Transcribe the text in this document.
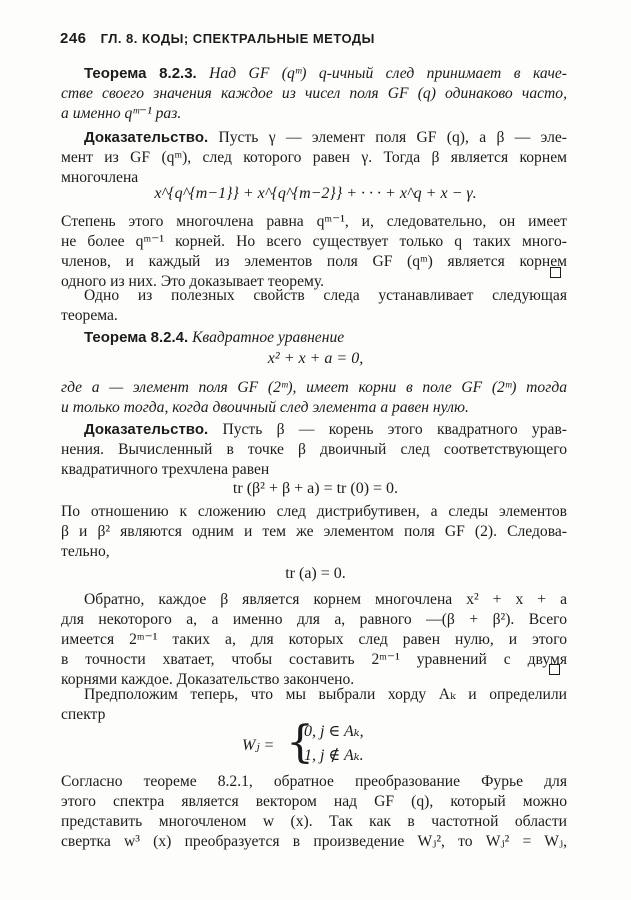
246 ГЛ. 8. КОДЫ; СПЕКТРАЛЬНЫЕ МЕТОДЫ
Теорема 8.2.3. Над GF (qᵐ) q-ичный след принимает в каче-
стве своего значения каждое из чисел поля GF (q) одинаково часто,
а именно qᵐ⁻¹ раз.
Доказательство. Пусть γ — элемент поля GF (q), а β — эле-
мент из GF (qᵐ), след которого равен γ. Тогда β является корнем
многочлена
x^{q^{m−1}} + x^{q^{m−2}} + · · · + x^q + x − γ.
Степень этого многочлена равна qᵐ⁻¹, и, следовательно, он имеет
не более qᵐ⁻¹ корней. Но всего существует только q таких много-
членов, и каждый из элементов поля GF (qᵐ) является корнем
одного из них. Это доказывает теорему.
Одно из полезных свойств следа устанавливает следующая
теорема.
Теорема 8.2.4. Квадратное уравнение
x² + x + a = 0,
где a — элемент поля GF (2ᵐ), имеет корни в поле GF (2ᵐ) тогда
и только тогда, когда двоичный след элемента a равен нулю.
Доказательство. Пусть β — корень этого квадратного урав-
нения. Вычисленный в точке β двоичный след соответствующего
квадратичного трехчлена равен
tr (β² + β + a) = tr (0) = 0.
По отношению к сложению след дистрибутивен, а следы элементов
β и β² являются одним и тем же элементом поля GF (2). Следова-
тельно,
tr (a) = 0.
Обратно, каждое β является корнем многочлена x² + x + a
для некоторого a, а именно для a, равного —(β + β²). Всего
имеется 2ᵐ⁻¹ таких a, для которых след равен нулю, и этого
в точности хватает, чтобы составить 2ᵐ⁻¹ уравнений с двумя
корнями каждое. Доказательство закончено.
Предположим теперь, что мы выбрали хорду Aₖ и определили
спектр
Wⱼ = {
0, j ∈ Aₖ,
1, j ∉ Aₖ.
Согласно теореме 8.2.1, обратное преобразование Фурье для
этого спектра является вектором над GF (q), который можно
представить многочленом w (x). Так как в частотной области
свертка w³ (x) преобразуется в произведение Wⱼ², то Wⱼ² = Wⱼ,
